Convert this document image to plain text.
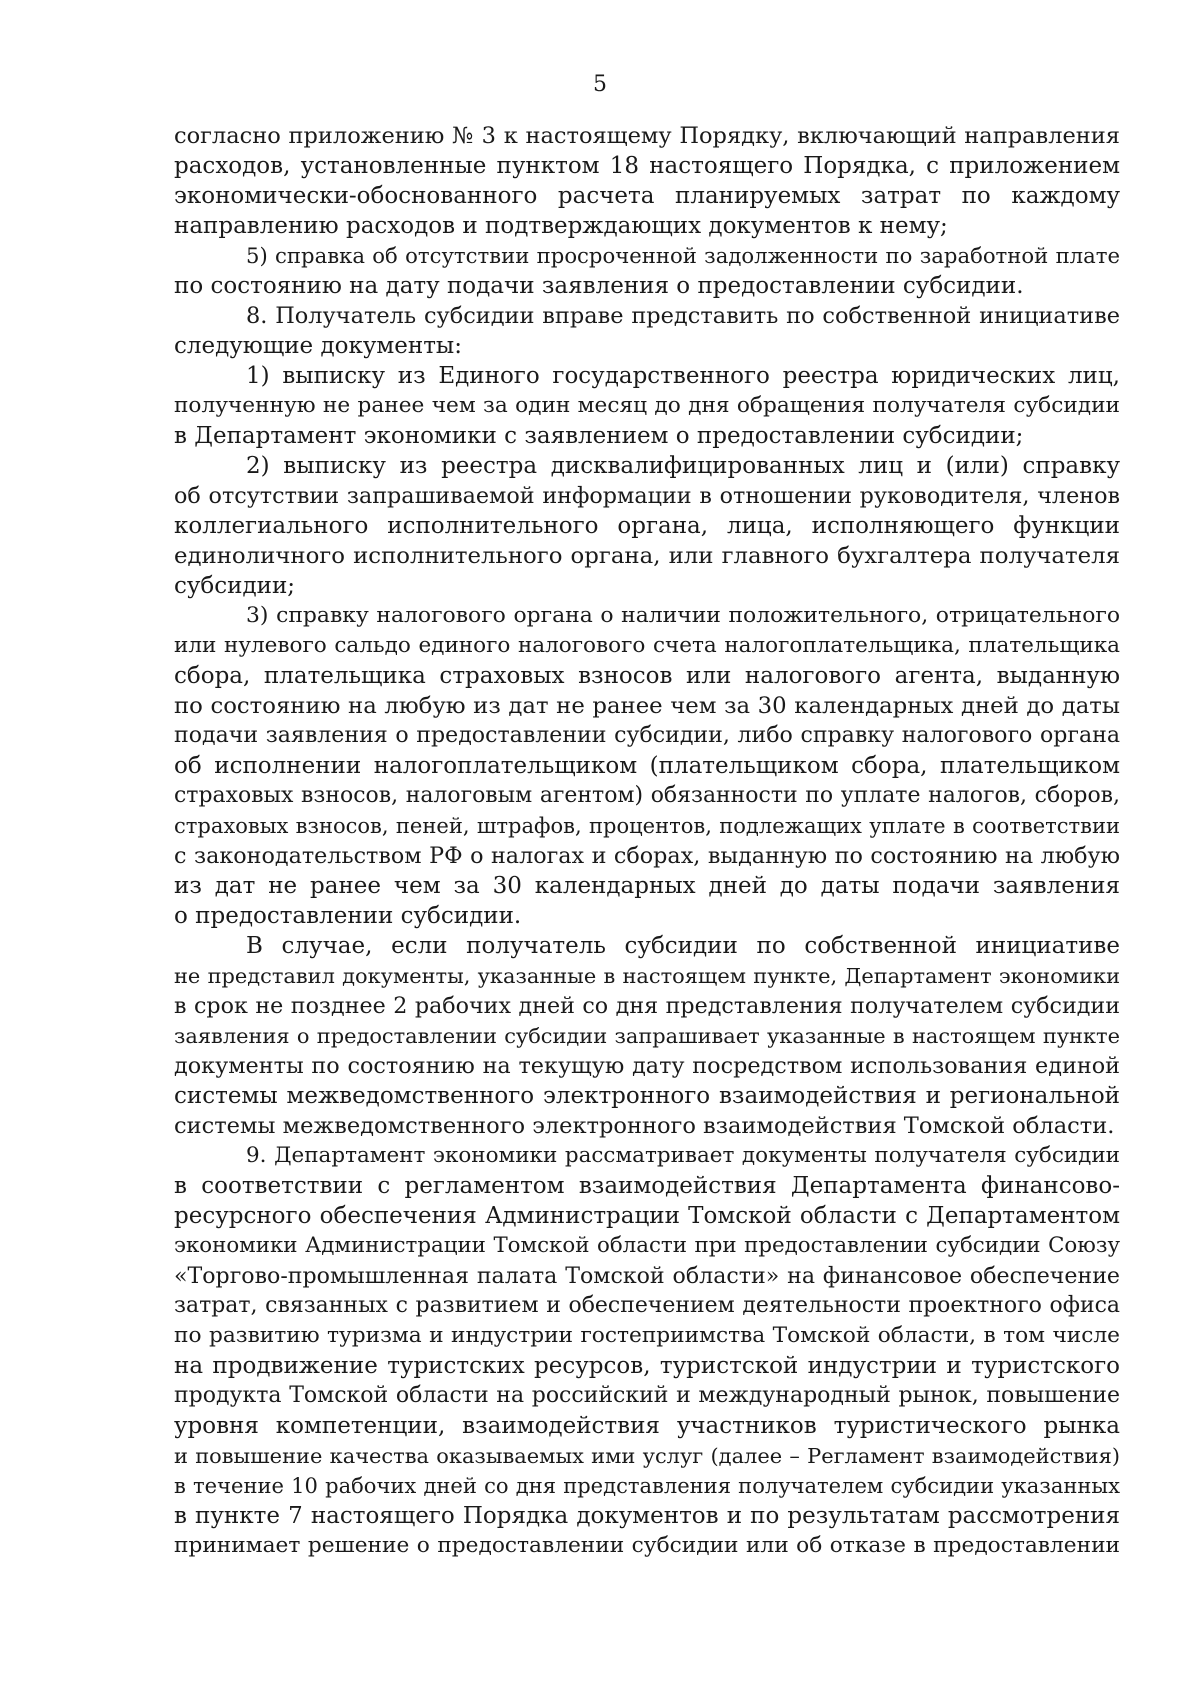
5
согласно приложению № 3 к настоящему Порядку, включающий направления
расходов, установленные пунктом 18 настоящего Порядка, с приложением
экономически-обоснованного расчета планируемых затрат по каждому
направлению расходов и подтверждающих документов к нему;
5) справка об отсутствии просроченной задолженности по заработной плате
по состоянию на дату подачи заявления о предоставлении субсидии.
8. Получатель субсидии вправе представить по собственной инициативе
следующие документы:
1) выписку из Единого государственного реестра юридических лиц,
полученную не ранее чем за один месяц до дня обращения получателя субсидии
в Департамент экономики с заявлением о предоставлении субсидии;
2) выписку из реестра дисквалифицированных лиц и (или) справку
об отсутствии запрашиваемой информации в отношении руководителя, членов
коллегиального исполнительного органа, лица, исполняющего функции
единоличного исполнительного органа, или главного бухгалтера получателя
субсидии;
3) справку налогового органа о наличии положительного, отрицательного
или нулевого сальдо единого налогового счета налогоплательщика, плательщика
сбора, плательщика страховых взносов или налогового агента, выданную
по состоянию на любую из дат не ранее чем за 30 календарных дней до даты
подачи заявления о предоставлении субсидии, либо справку налогового органа
об исполнении налогоплательщиком (плательщиком сбора, плательщиком
страховых взносов, налоговым агентом) обязанности по уплате налогов, сборов,
страховых взносов, пеней, штрафов, процентов, подлежащих уплате в соответствии
с законодательством РФ о налогах и сборах, выданную по состоянию на любую
из дат не ранее чем за 30 календарных дней до даты подачи заявления
о предоставлении субсидии.
В случае, если получатель субсидии по собственной инициативе
не представил документы, указанные в настоящем пункте, Департамент экономики
в срок не позднее 2 рабочих дней со дня представления получателем субсидии
заявления о предоставлении субсидии запрашивает указанные в настоящем пункте
документы по состоянию на текущую дату посредством использования единой
системы межведомственного электронного взаимодействия и региональной
системы межведомственного электронного взаимодействия Томской области.
9. Департамент экономики рассматривает документы получателя субсидии
в соответствии с регламентом взаимодействия Департамента финансово-
ресурсного обеспечения Администрации Томской области с Департаментом
экономики Администрации Томской области при предоставлении субсидии Союзу
«Торгово-промышленная палата Томской области» на финансовое обеспечение
затрат, связанных с развитием и обеспечением деятельности проектного офиса
по развитию туризма и индустрии гостеприимства Томской области, в том числе
на продвижение туристских ресурсов, туристской индустрии и туристского
продукта Томской области на российский и международный рынок, повышение
уровня компетенции, взаимодействия участников туристического рынка
и повышение качества оказываемых ими услуг (далее – Регламент взаимодействия)
в течение 10 рабочих дней со дня представления получателем субсидии указанных
в пункте 7 настоящего Порядка документов и по результатам рассмотрения
принимает решение о предоставлении субсидии или об отказе в предоставлении
